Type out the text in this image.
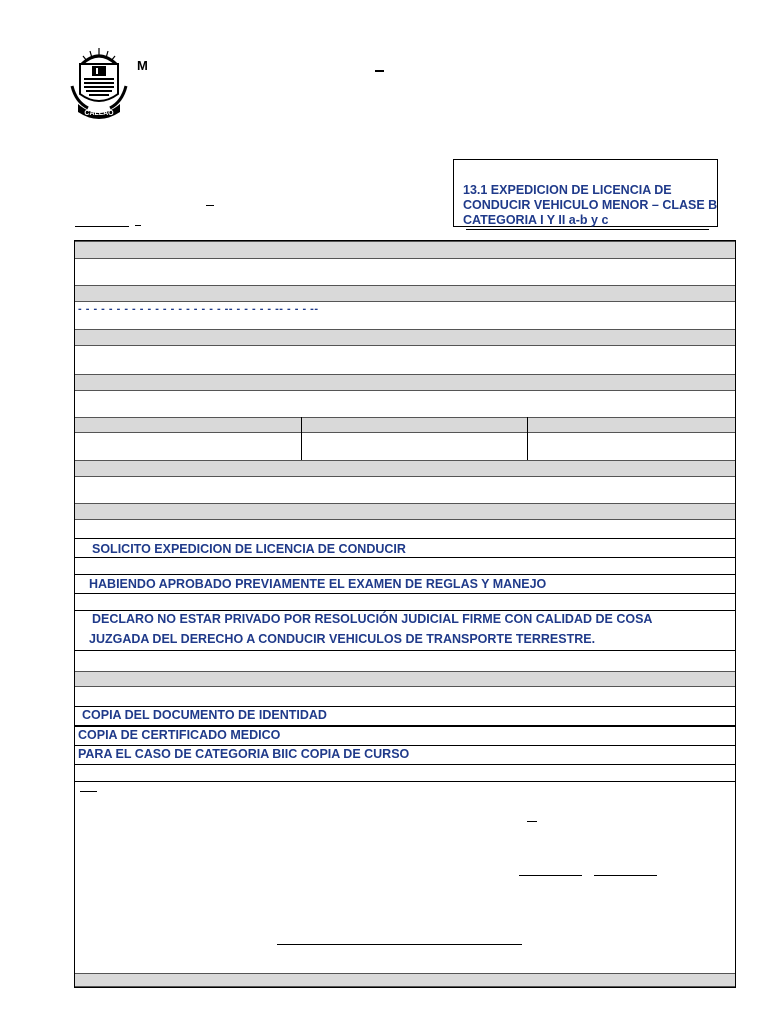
CALLAO
M
13.1 EXPEDICION DE LICENCIA DE CONDUCIR VEHICULO MENOR – CLASE B CATEGORIA I Y II a-b y c
- - - - - - - - - - - - - - - - - - - -- - - - - - -- - - - --
SOLICITO EXPEDICION DE LICENCIA DE CONDUCIR
HABIENDO APROBADO PREVIAMENTE EL EXAMEN DE REGLAS Y MANEJO
DECLARO NO ESTAR PRIVADO POR RESOLUCIÓN JUDICIAL FIRME CON CALIDAD DE COSA
JUZGADA DEL DERECHO A CONDUCIR VEHICULOS DE TRANSPORTE TERRESTRE.
COPIA DEL DOCUMENTO DE IDENTIDAD
COPIA DE CERTIFICADO MEDICO
PARA EL CASO DE CATEGORIA BIIC COPIA DE CURSO
